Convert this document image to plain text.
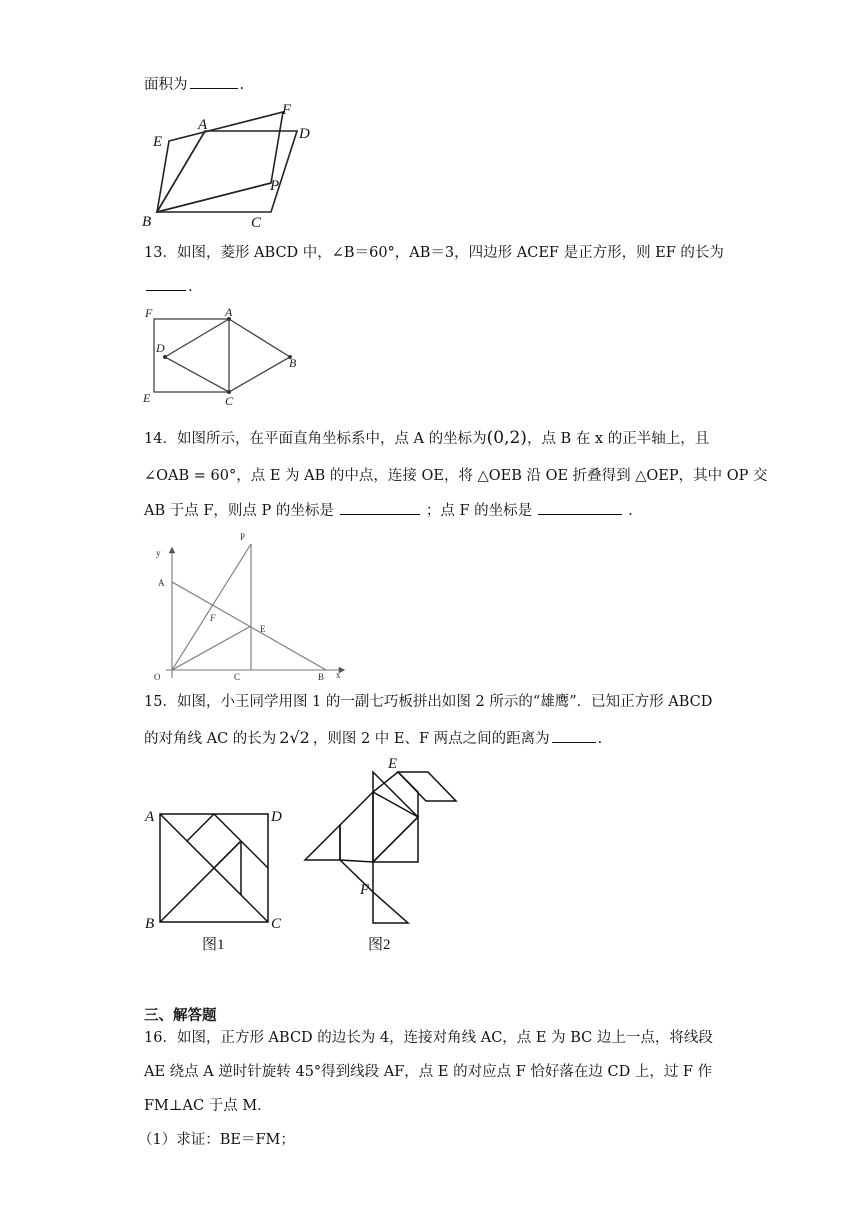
面积为	.
A
B	C
D
E
F
P
13．如图，菱形 ABCD 中，∠B＝60°，AB＝3，四边形 ACEF 是正方形，则 EF 的长为
.
A
B
C
D
E
F
14．如图所示，在平面直角坐标系中，点 A 的坐标为(0,2)，点 B 在 x 的正半轴上，且
∠OAB = 60°，点 E 为 AB 的中点，连接 OE，将 △OEB 沿 OE 折叠得到 △OEP，其中 OP 交
AB 于点 F，则点 P 的坐标是	；点 F 的坐标是	.
y
x
A
P
F
E
O	C	B
15．如图，小王同学用图 1 的一副七巧板拼出如图 2 所示的“雄鹰”．已知正方形 ABCD
的对角线 AC 的长为 2√2 ，则图 2 中 E、F 两点之间的距离为	.
A
B	C
D
E
F
图1	图2
三、解答题
16．如图，正方形 ABCD 的边长为 4，连接对角线 AC，点 E 为 BC 边上一点，将线段
AE 绕点 A 逆时针旋转 45°得到线段 AF，点 E 的对应点 F 恰好落在边 CD 上，过 F 作
FM⊥AC 于点 M．
（1）求证：BE＝FM；
